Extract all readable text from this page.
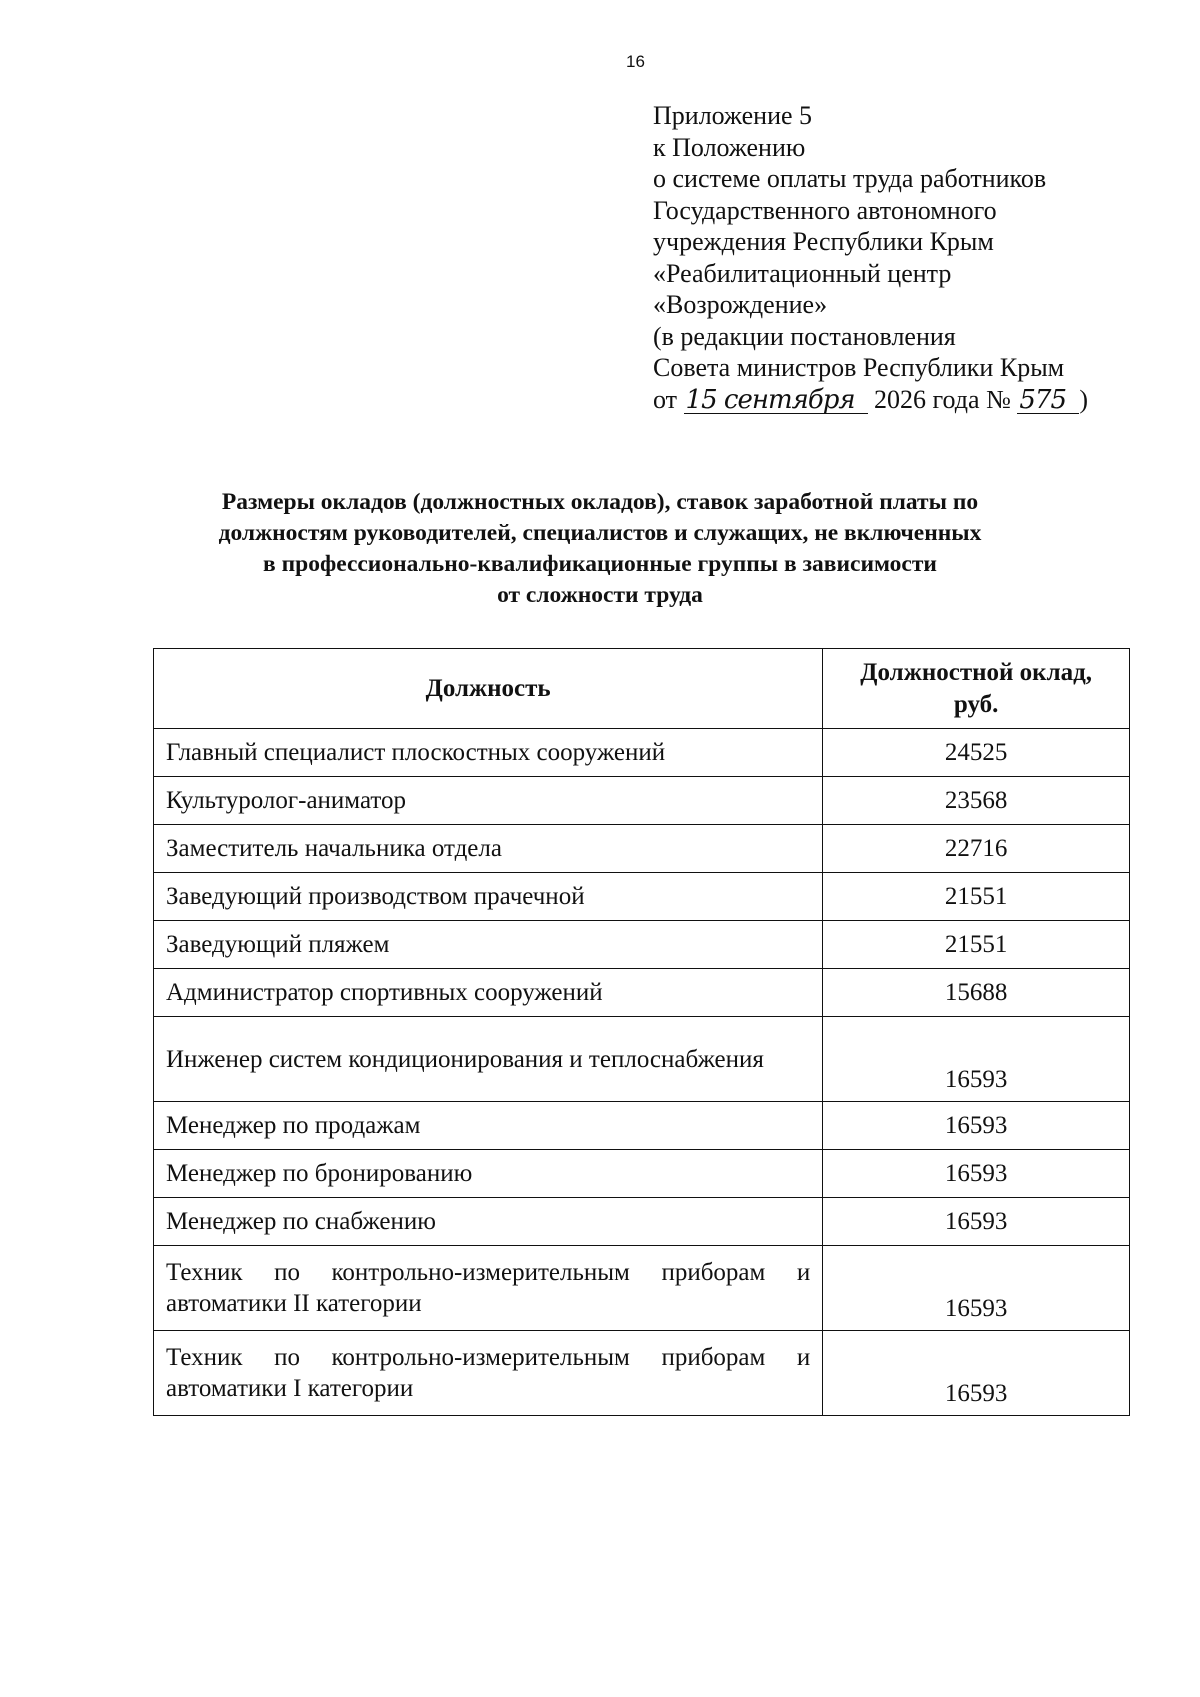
16
Приложение 5
к Положению
о системе оплаты труда работников
Государственного автономного
учреждения Республики Крым
«Реабилитационный центр
«Возрождение»
(в редакции постановления
Совета министров Республики Крым
от 15 сентября 2026 года № 575 )
Размеры окладов (должностных окладов), ставок заработной платы по
должностям руководителей, специалистов и служащих, не включенных
в профессионально-квалификационные группы в зависимости
от сложности труда
Должность	Должностной оклад, руб.
Главный специалист плоскостных сооружений	24525
Культуролог-аниматор	23568
Заместитель начальника отдела	22716
Заведующий производством прачечной	21551
Заведующий пляжем	21551
Администратор спортивных сооружений	15688
Инженер систем кондиционирования и теплоснабжения	16593
Менеджер по продажам	16593
Менеджер по бронированию	16593
Менеджер по снабжению	16593
Техник по контрольно-измерительным приборам и автоматики II категории	16593
Техник по контрольно-измерительным приборам и автоматики I категории	16593
